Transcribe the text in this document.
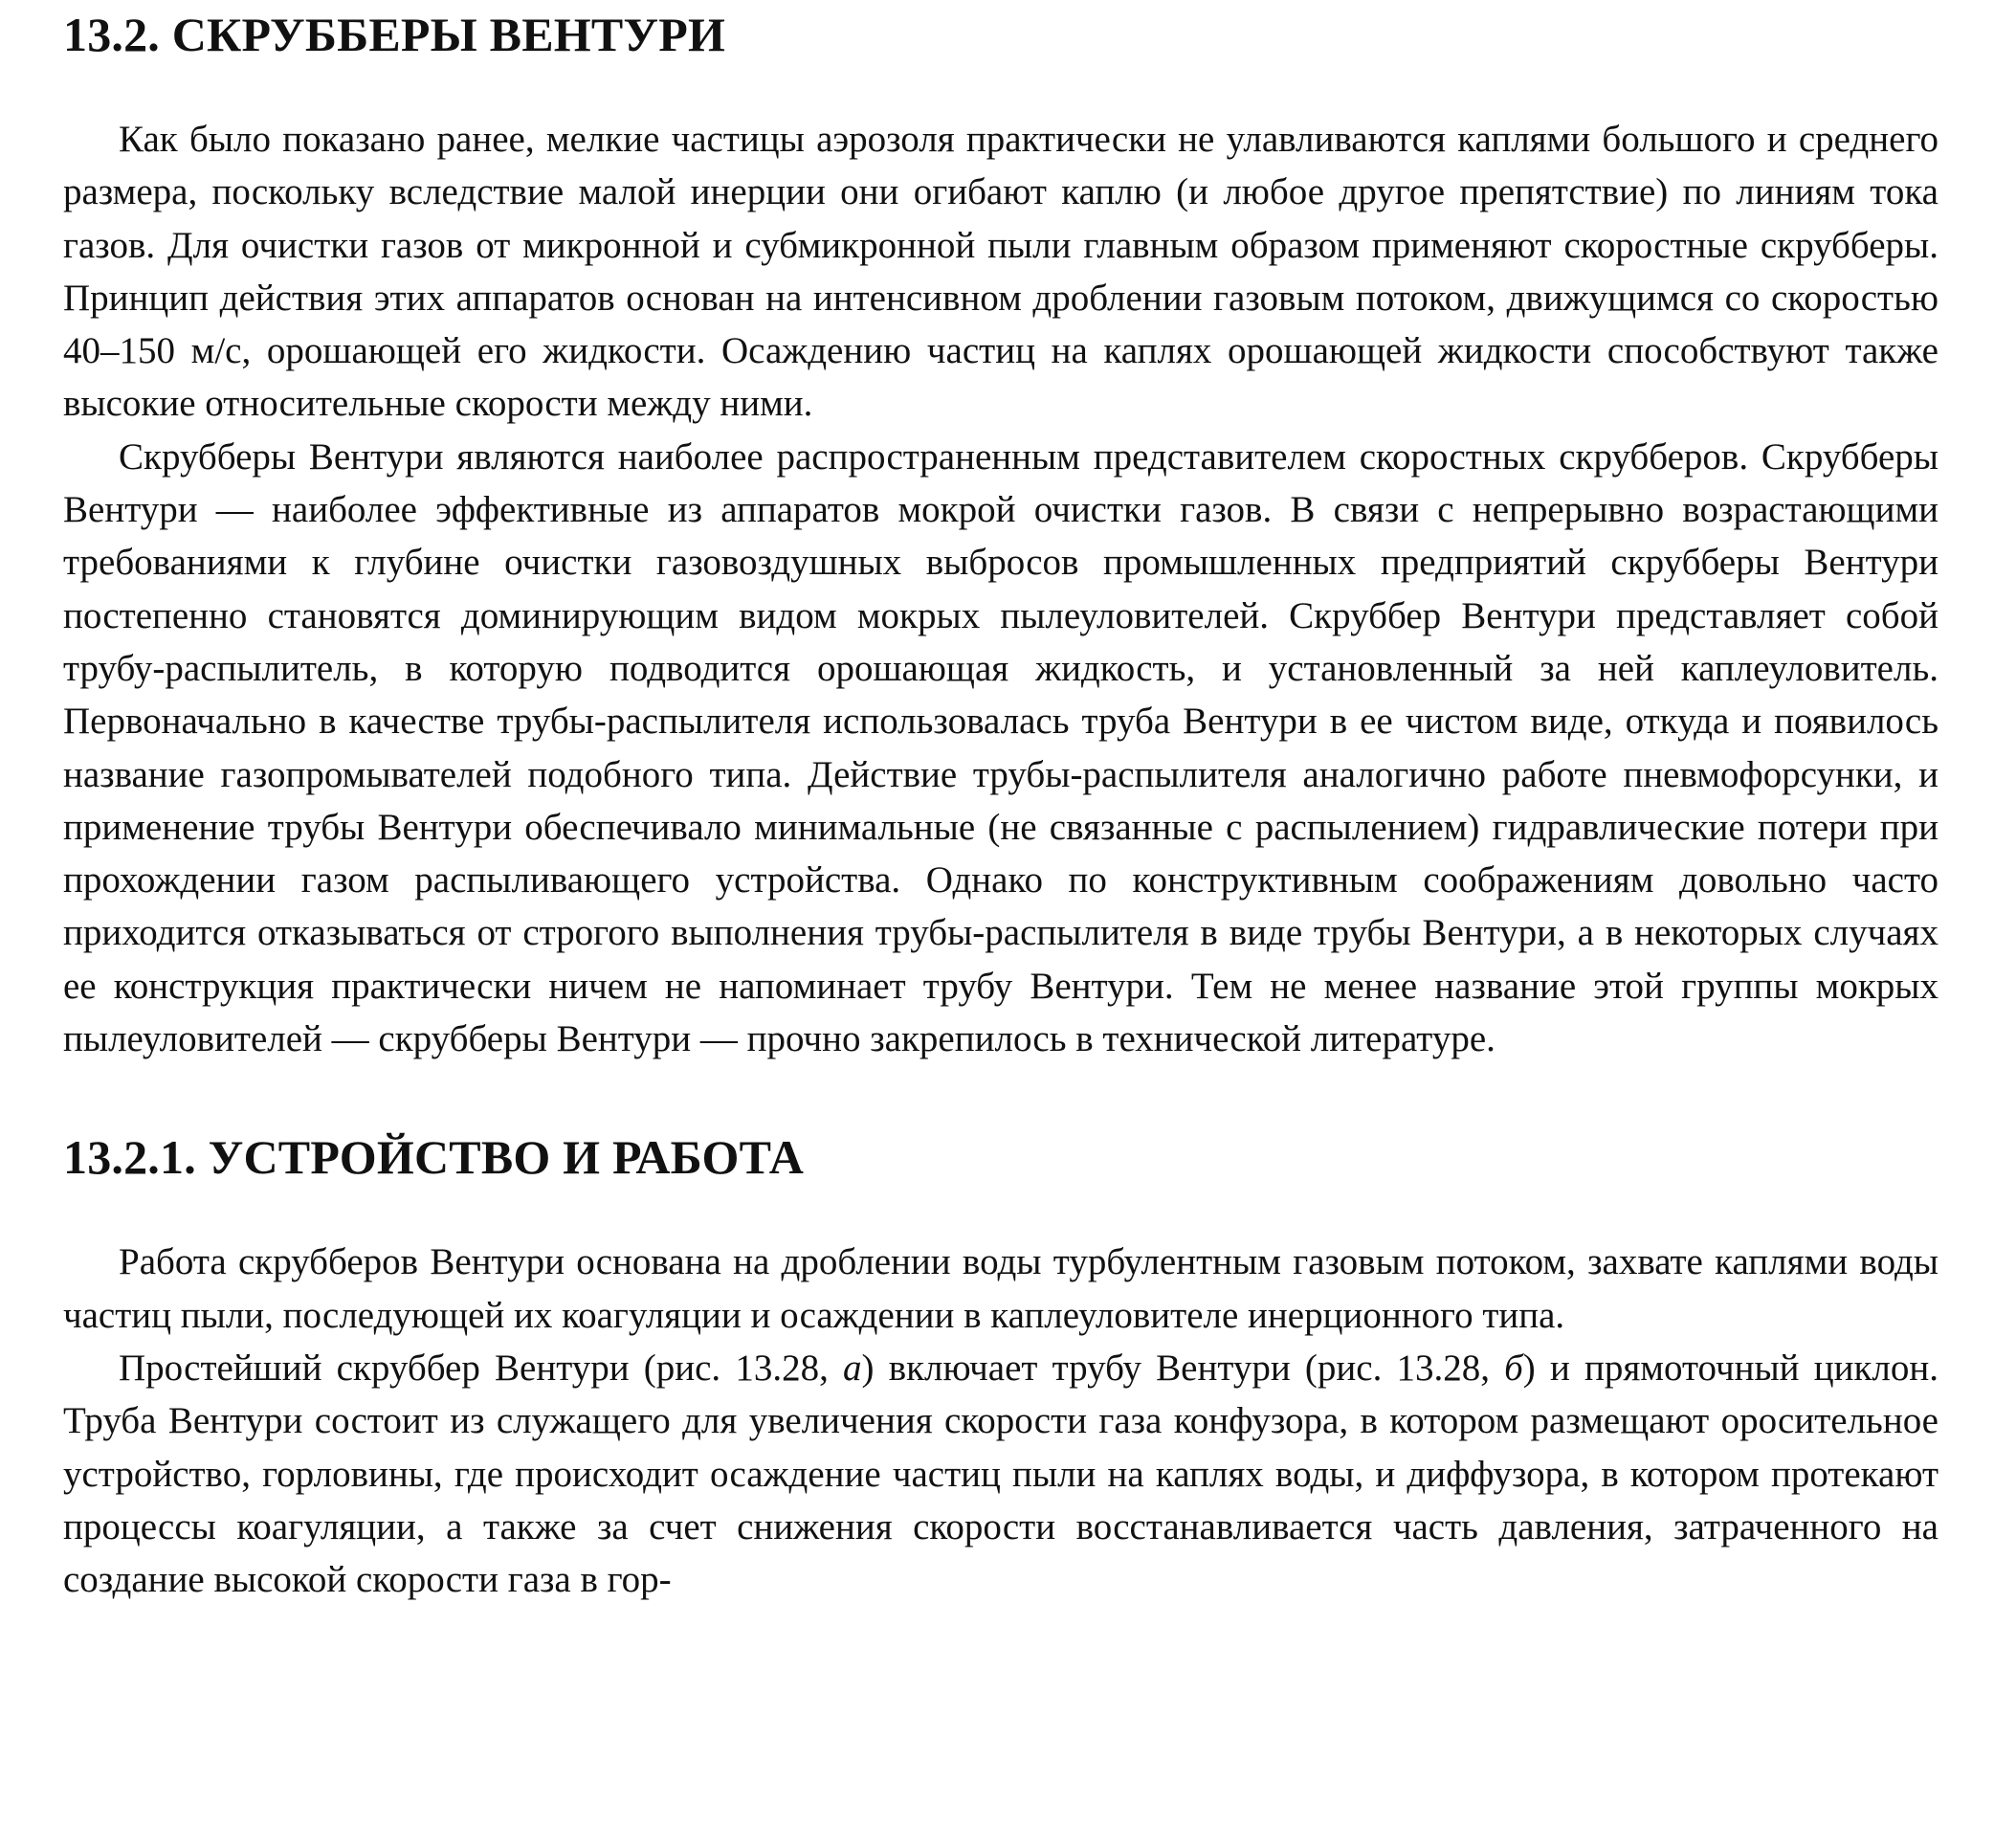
13.2. СКРУББЕРЫ ВЕНТУРИ

Как было показано ранее, мелкие частицы аэрозоля практически не улавливаются каплями большого и среднего размера, поскольку вследствие малой инерции они огибают каплю (и любое другое препятствие) по линиям тока газов. Для очистки газов от микронной и субмикронной пыли главным образом применяют скоростные скрубберы. Принцип действия этих аппаратов основан на интенсивном дроблении газовым потоком, движущимся со скоростью 40–150 м/с, орошающей его жидкости. Осаждению частиц на каплях орошающей жидкости способствуют также высокие относительные скорости между ними.

Скрубберы Вентури являются наиболее распространенным представителем скоростных скрубберов. Скрубберы Вентури — наиболее эффективные из аппаратов мокрой очистки газов. В связи с непрерывно возрастающими требованиями к глубине очистки газовоздушных выбросов промышленных предприятий скрубберы Вентури постепенно становятся доминирующим видом мокрых пылеуловителей. Скруббер Вентури представляет собой трубу-распылитель, в которую подводится орошающая жидкость, и установленный за ней каплеуловитель. Первоначально в качестве трубы-распылителя использовалась труба Вентури в ее чистом виде, откуда и появилось название газопромывателей подобного типа. Действие трубы-распылителя аналогично работе пневмофорсунки, и применение трубы Вентури обеспечивало минимальные (не связанные с распылением) гидравлические потери при прохождении газом распыливающего устройства. Однако по конструктивным соображениям довольно часто приходится отказываться от строгого выполнения трубы-распылителя в виде трубы Вентури, а в некоторых случаях ее конструкция практически ничем не напоминает трубу Вентури. Тем не менее название этой группы мокрых пылеуловителей — скрубберы Вентури — прочно закрепилось в технической литературе.

13.2.1. УСТРОЙСТВО И РАБОТА

Работа скрубберов Вентури основана на дроблении воды турбулентным газовым потоком, захвате каплями воды частиц пыли, последующей их коагуляции и осаждении в каплеуловителе инерционного типа.

Простейший скруббер Вентури (рис. 13.28, а) включает трубу Вентури (рис. 13.28, б) и прямоточный циклон. Труба Вентури состоит из служащего для увеличения скорости газа конфузора, в котором размещают оросительное устройство, горловины, где происходит осаждение частиц пыли на каплях воды, и диффузора, в котором протекают процессы коагуляции, а также за счет снижения скорости восстанавливается часть давления, затраченного на создание высокой скорости газа в гор-
